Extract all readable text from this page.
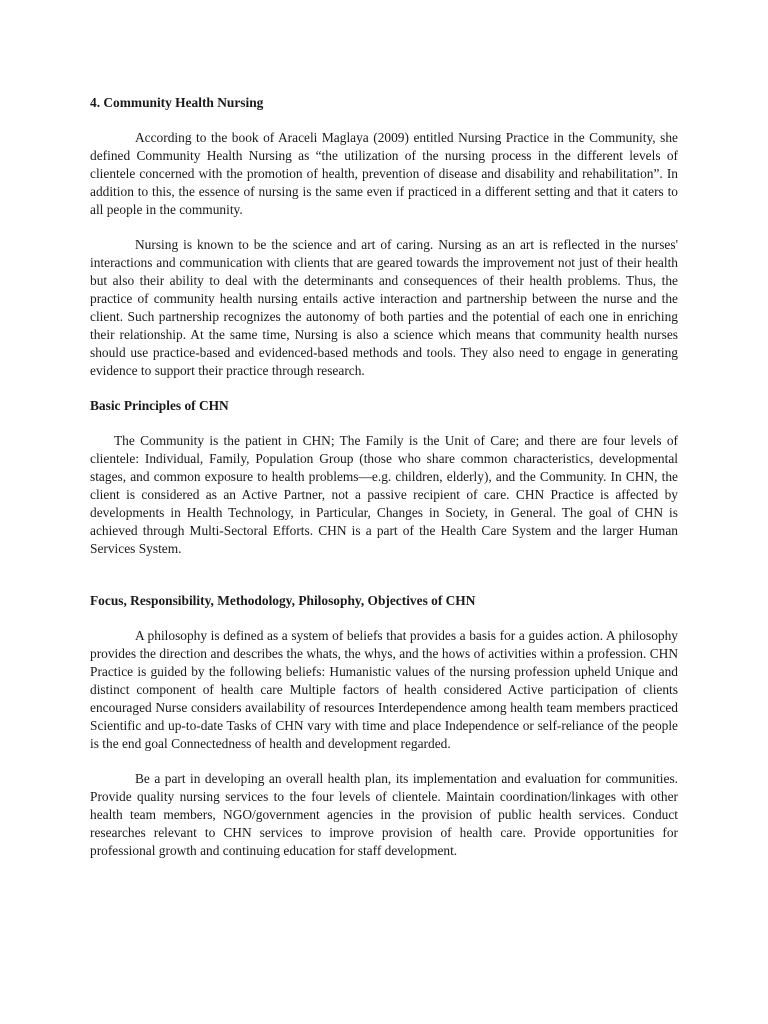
4. Community Health Nursing

According to the book of Araceli Maglaya (2009) entitled Nursing Practice in the Community, she defined Community Health Nursing as “the utilization of the nursing process in the different levels of clientele concerned with the promotion of health, prevention of disease and disability and rehabilitation”. In addition to this, the essence of nursing is the same even if practiced in a different setting and that it caters to all people in the community.

Nursing is known to be the science and art of caring. Nursing as an art is reflected in the nurses' interactions and communication with clients that are geared towards the improvement not just of their health but also their ability to deal with the determinants and consequences of their health problems. Thus, the practice of community health nursing entails active interaction and partnership between the nurse and the client. Such partnership recognizes the autonomy of both parties and the potential of each one in enriching their relationship. At the same time, Nursing is also a science which means that community health nurses should use practice-based and evidenced-based methods and tools. They also need to engage in generating evidence to support their practice through research.

Basic Principles of CHN

The Community is the patient in CHN; The Family is the Unit of Care; and there are four levels of clientele: Individual, Family, Population Group (those who share common characteristics, developmental stages, and common exposure to health problems—e.g. children, elderly), and the Community. In CHN, the client is considered as an Active Partner, not a passive recipient of care. CHN Practice is affected by developments in Health Technology, in Particular, Changes in Society, in General. The goal of CHN is achieved through Multi-Sectoral Efforts. CHN is a part of the Health Care System and the larger Human Services System.

Focus, Responsibility, Methodology, Philosophy, Objectives of CHN

A philosophy is defined as a system of beliefs that provides a basis for a guides action. A philosophy provides the direction and describes the whats, the whys, and the hows of activities within a profession. CHN Practice is guided by the following beliefs: Humanistic values of the nursing profession upheld Unique and distinct component of health care Multiple factors of health considered Active participation of clients encouraged Nurse considers availability of resources Interdependence among health team members practiced Scientific and up-to-date Tasks of CHN vary with time and place Independence or self-reliance of the people is the end goal Connectedness of health and development regarded.

Be a part in developing an overall health plan, its implementation and evaluation for communities. Provide quality nursing services to the four levels of clientele. Maintain coordination/linkages with other health team members, NGO/government agencies in the provision of public health services. Conduct researches relevant to CHN services to improve provision of health care. Provide opportunities for professional growth and continuing education for staff development.
